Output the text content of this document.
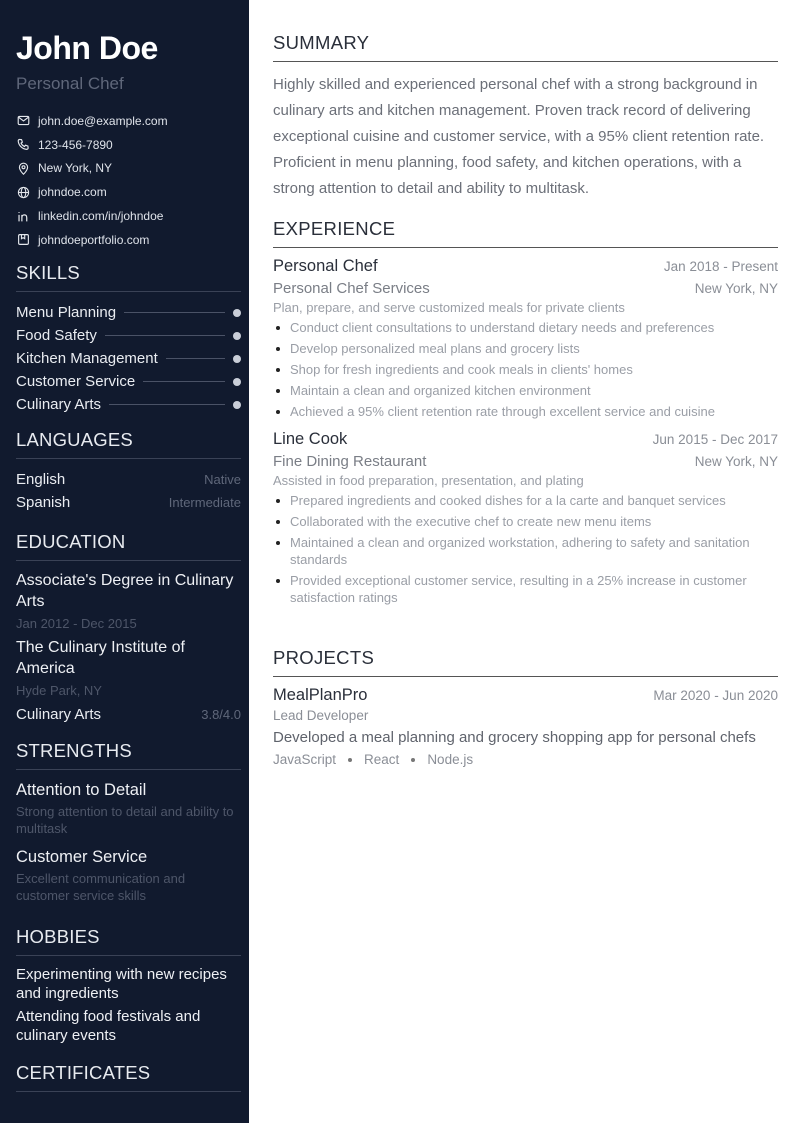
John Doe
Personal Chef
john.doe@example.com
123-456-7890
New York, NY
johndoe.com
linkedin.com/in/johndoe
johndoeportfolio.com
SKILLS
Menu Planning
Food Safety
Kitchen Management
Customer Service
Culinary Arts
LANGUAGES
English	Native
Spanish	Intermediate
EDUCATION
Associate's Degree in Culinary Arts
Jan 2012 - Dec 2015
The Culinary Institute of America
Hyde Park, NY
Culinary Arts	3.8/4.0
STRENGTHS
Attention to Detail
Strong attention to detail and ability to multitask
Customer Service
Excellent communication and customer service skills
HOBBIES
Experimenting with new recipes and ingredients
Attending food festivals and culinary events
CERTIFICATES
SUMMARY

Highly skilled and experienced personal chef with a strong background in culinary arts and kitchen management. Proven track record of delivering exceptional cuisine and customer service, with a 95% client retention rate. Proficient in menu planning, food safety, and kitchen operations, with a strong attention to detail and ability to multitask.

EXPERIENCE
Personal Chef	Jan 2018 - Present
Personal Chef Services	New York, NY
Plan, prepare, and serve customized meals for private clients
Conduct client consultations to understand dietary needs and preferences
Develop personalized meal plans and grocery lists
Shop for fresh ingredients and cook meals in clients' homes
Maintain a clean and organized kitchen environment
Achieved a 95% client retention rate through excellent service and cuisine
Line Cook	Jun 2015 - Dec 2017
Fine Dining Restaurant	New York, NY
Assisted in food preparation, presentation, and plating
Prepared ingredients and cooked dishes for a la carte and banquet services
Collaborated with the executive chef to create new menu items
Maintained a clean and organized workstation, adhering to safety and sanitation standards
Provided exceptional customer service, resulting in a 25% increase in customer satisfaction ratings
PROJECTS
MealPlanPro	Mar 2020 - Jun 2020
Lead Developer
Developed a meal planning and grocery shopping app for personal chefs
JavaScript React Node.js
